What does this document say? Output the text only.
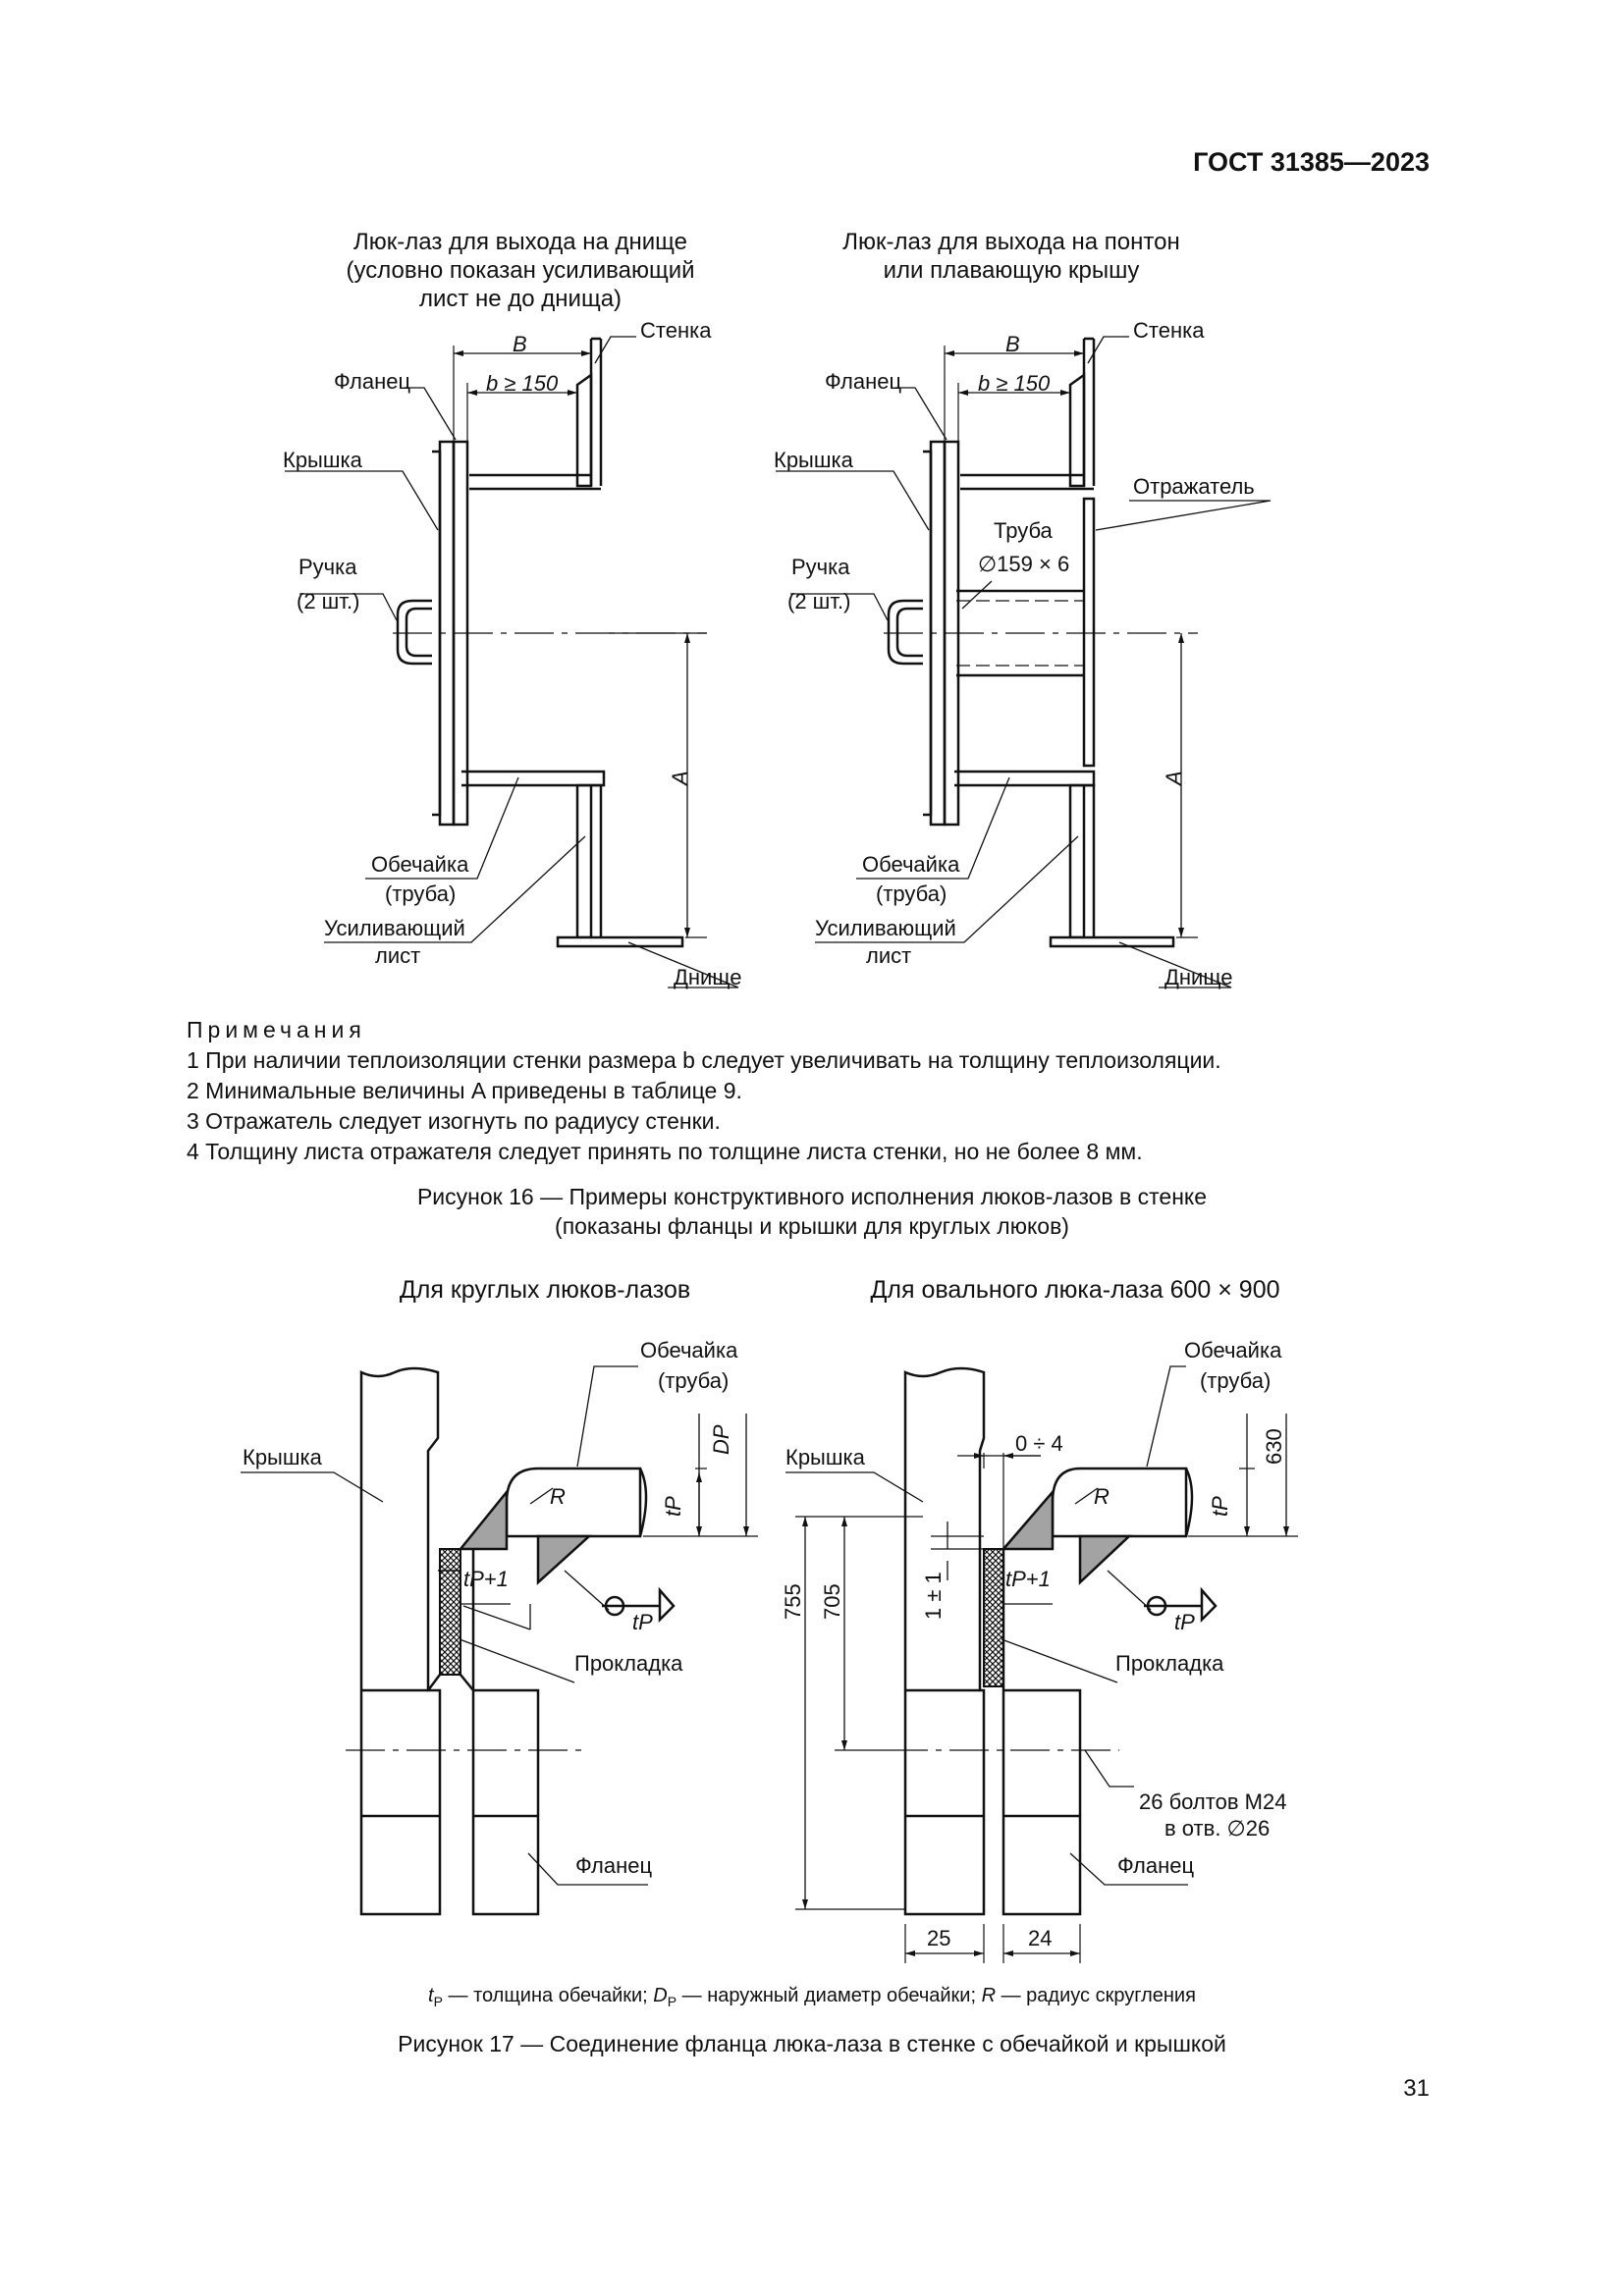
ГОСТ 31385—2023
Люк-лаз для выхода на днище
(условно показан усиливающий
лист не до днища)
Стенка
B
Фланец	b ≥ 150
Крышка
Ручка
(2 шт.)
A
Обечайка
(труба)
Усиливающий
лист
Днище
Люк-лаз для выхода на понтон
или плавающую крышу
Стенка
B
Фланец	b ≥ 150
Крышка
Отражатель
Труба
∅159 × 6
Ручка
(2 шт.)
A
Обечайка
(труба)
Усиливающий
лист
Днище
Для круглых люков-лазов
Обечайка
(труба)
Крышка
R
DP
tP
tP+1
tP
Прокладка
Фланец
Для овального люка-лаза 600 × 900
Обечайка
(труба)
0 ÷ 4	630
Крышка
R	tP
1 ± 1
755 705
tP+1
tP
Прокладка
26 болтов M24
в отв. ∅26
Фланец
25	24
Примечания
1 При наличии теплоизоляции стенки размера b следует увеличивать на толщину теплоизоляции.
2 Минимальные величины A приведены в таблице 9.
3 Отражатель следует изогнуть по радиусу стенки.
4 Толщину листа отражателя следует принять по толщине листа стенки, но не более 8 мм.
Рисунок 16 — Примеры конструктивного исполнения люков-лазов в стенке
(показаны фланцы и крышки для круглых люков)
$t_P$ — толщина обечайки; $D_P$ — наружный диаметр обечайки; R — радиус скругления
Рисунок 17 — Соединение фланца люка-лаза в стенке с обечайкой и крышкой
31
